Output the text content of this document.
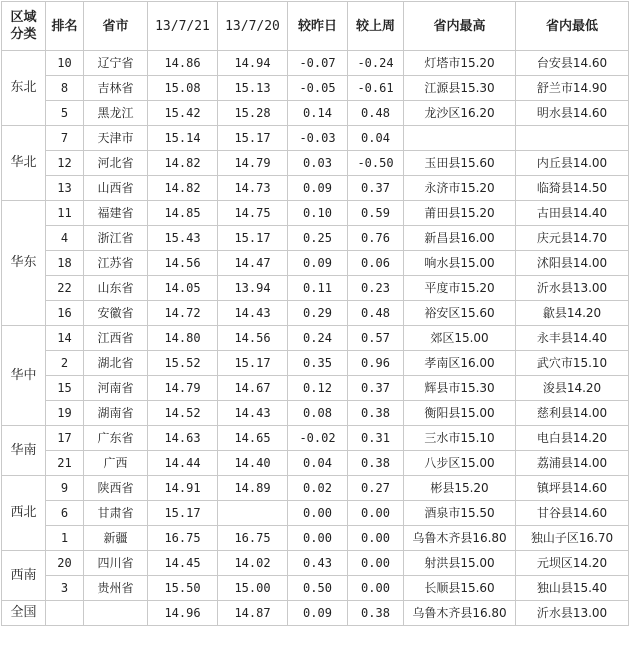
区域分类	排名	省市	13/7/21	13/7/20	较昨日	较上周	省内最高	省内最低
东北	10	辽宁省	14.86	14.94	-0.07	-0.24	灯塔市15.20	台安县14.60
	8	吉林省	15.08	15.13	-0.05	-0.61	江源县15.30	舒兰市14.90
	5	黑龙江	15.42	15.28	0.14	0.48	龙沙区16.20	明水县14.60
华北	7	天津市	15.14	15.17	-0.03	0.04		
	12	河北省	14.82	14.79	0.03	-0.50	玉田县15.60	内丘县14.00
	13	山西省	14.82	14.73	0.09	0.37	永济市15.20	临猗县14.50
华东	11	福建省	14.85	14.75	0.10	0.59	莆田县15.20	古田县14.40
	4	浙江省	15.43	15.17	0.25	0.76	新昌县16.00	庆元县14.70
	18	江苏省	14.56	14.47	0.09	0.06	响水县15.00	沭阳县14.00
	22	山东省	14.05	13.94	0.11	0.23	平度市15.20	沂水县13.00
	16	安徽省	14.72	14.43	0.29	0.48	裕安区15.60	歙县14.20
华中	14	江西省	14.80	14.56	0.24	0.57	郊区15.00	永丰县14.40
	2	湖北省	15.52	15.17	0.35	0.96	孝南区16.00	武穴市15.10
	15	河南省	14.79	14.67	0.12	0.37	辉县市15.30	浚县14.20
	19	湖南省	14.52	14.43	0.08	0.38	衡阳县15.00	慈利县14.00
华南	17	广东省	14.63	14.65	-0.02	0.31	三水市15.10	电白县14.20
	21	广西	14.44	14.40	0.04	0.38	八步区15.00	荔浦县14.00
西北	9	陕西省	14.91	14.89	0.02	0.27	彬县15.20	镇坪县14.60
	6	甘肃省	15.17		0.00	0.00	酒泉市15.50	甘谷县14.60
	1	新疆	16.75	16.75	0.00	0.00	乌鲁木齐县16.80	独山子区16.70
西南	20	四川省	14.45	14.02	0.43	0.00	射洪县15.00	元坝区14.20
	3	贵州省	15.50	15.00	0.50	0.00	长顺县15.60	独山县15.40
全国			14.96	14.87	0.09	0.38	乌鲁木齐县16.80	沂水县13.00
